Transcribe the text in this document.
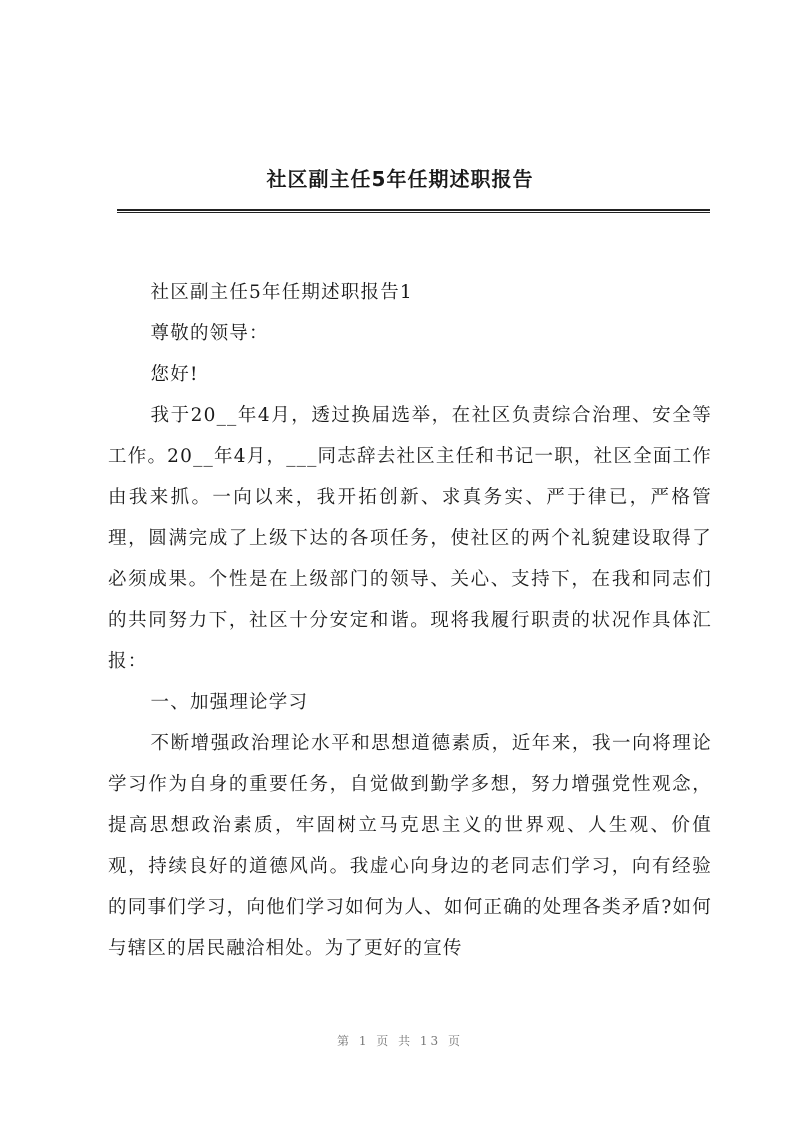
社区副主任5年任期述职报告

社区副主任5年任期述职报告1

尊敬的领导：

您好!

我于20__年4月，透过换届选举，在社区负责综合治理、安全等工作。20__年4月，___同志辞去社区主任和书记一职，社区全面工作由我来抓。一向以来，我开拓创新、求真务实、严于律已，严格管理，圆满完成了上级下达的各项任务，使社区的两个礼貌建设取得了必须成果。个性是在上级部门的领导、关心、支持下，在我和同志们的共同努力下，社区十分安定和谐。现将我履行职责的状况作具体汇报：

一、加强理论学习

不断增强政治理论水平和思想道德素质，近年来，我一向将理论学习作为自身的重要任务，自觉做到勤学多想，努力增强党性观念，提高思想政治素质，牢固树立马克思主义的世界观、人生观、价值观，持续良好的道德风尚。我虚心向身边的老同志们学习，向有经验的同事们学习，向他们学习如何为人、如何正确的处理各类矛盾?如何与辖区的居民融洽相处。为了更好的宣传

第 1 页 共 13 页
